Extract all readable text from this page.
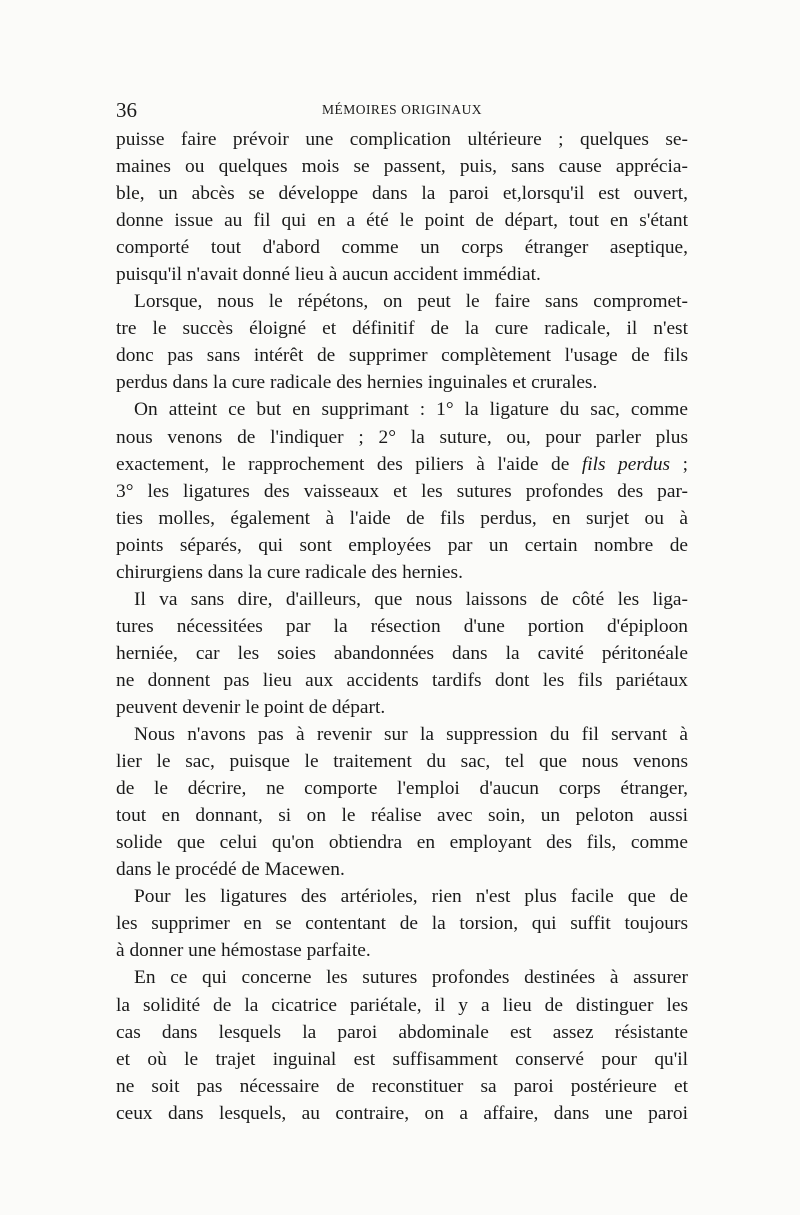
36	MÉMOIRES ORIGINAUX
puisse faire prévoir une complication ultérieure ; quelques se-
maines ou quelques mois se passent, puis, sans cause apprécia-
ble, un abcès se développe dans la paroi et,lorsqu'il est ouvert,
donne issue au fil qui en a été le point de départ, tout en s'étant
comporté tout d'abord comme un corps étranger aseptique,
puisqu'il n'avait donné lieu à aucun accident immédiat.
Lorsque, nous le répétons, on peut le faire sans compromet-
tre le succès éloigné et définitif de la cure radicale, il n'est
donc pas sans intérêt de supprimer complètement l'usage de fils
perdus dans la cure radicale des hernies inguinales et crurales.
On atteint ce but en supprimant : 1° la ligature du sac, comme
nous venons de l'indiquer ; 2° la suture, ou, pour parler plus
exactement, le rapprochement des piliers à l'aide de fils perdus ;
3° les ligatures des vaisseaux et les sutures profondes des par-
ties molles, également à l'aide de fils perdus, en surjet ou à
points séparés, qui sont employées par un certain nombre de
chirurgiens dans la cure radicale des hernies.
Il va sans dire, d'ailleurs, que nous laissons de côté les liga-
tures nécessitées par la résection d'une portion d'épiploon
herniée, car les soies abandonnées dans la cavité péritonéale
ne donnent pas lieu aux accidents tardifs dont les fils pariétaux
peuvent devenir le point de départ.
Nous n'avons pas à revenir sur la suppression du fil servant à
lier le sac, puisque le traitement du sac, tel que nous venons
de le décrire, ne comporte l'emploi d'aucun corps étranger,
tout en donnant, si on le réalise avec soin, un peloton aussi
solide que celui qu'on obtiendra en employant des fils, comme
dans le procédé de Macewen.
Pour les ligatures des artérioles, rien n'est plus facile que de
les supprimer en se contentant de la torsion, qui suffit toujours
à donner une hémostase parfaite.
En ce qui concerne les sutures profondes destinées à assurer
la solidité de la cicatrice pariétale, il y a lieu de distinguer les
cas dans lesquels la paroi abdominale est assez résistante
et où le trajet inguinal est suffisamment conservé pour qu'il
ne soit pas nécessaire de reconstituer sa paroi postérieure et
ceux dans lesquels, au contraire, on a affaire, dans une paroi
